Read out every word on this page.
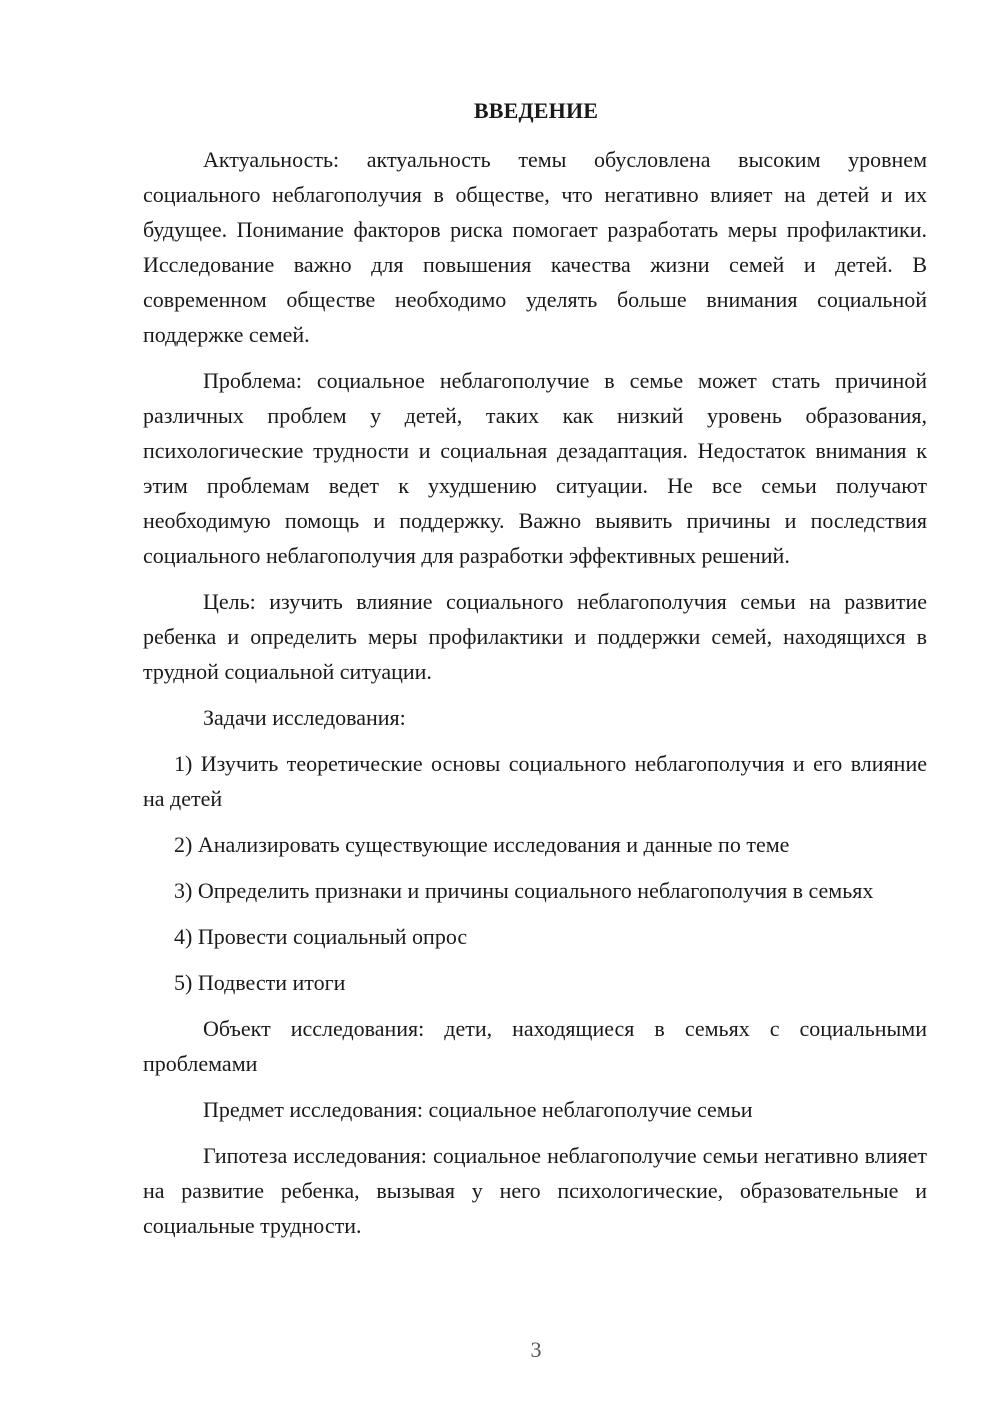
ВВЕДЕНИЕ

Актуальность: актуальность темы обусловлена высоким уровнем социального неблагополучия в обществе, что негативно влияет на детей и их будущее. Понимание факторов риска помогает разработать меры профилактики. Исследование важно для повышения качества жизни семей и детей. В современном обществе необходимо уделять больше внимания социальной поддержке семей.

Проблема: социальное неблагополучие в семье может стать причиной различных проблем у детей, таких как низкий уровень образования, психологические трудности и социальная дезадаптация. Недостаток внимания к этим проблемам ведет к ухудшению ситуации. Не все семьи получают необходимую помощь и поддержку. Важно выявить причины и последствия социального неблагополучия для разработки эффективных решений.

Цель: изучить влияние социального неблагополучия семьи на развитие ребенка и определить меры профилактики и поддержки семей, находящихся в трудной социальной ситуации.

Задачи исследования:

1) Изучить теоретические основы социального неблагополучия и его влияние на детей

2) Анализировать существующие исследования и данные по теме

3) Определить признаки и причины социального неблагополучия в семьях

4) Провести социальный опрос

5) Подвести итоги

Объект исследования: дети, находящиеся в семьях с социальными проблемами

Предмет исследования: социальное неблагополучие семьи

Гипотеза исследования: социальное неблагополучие семьи негативно влияет на развитие ребенка, вызывая у него психологические, образовательные и социальные трудности.

3
